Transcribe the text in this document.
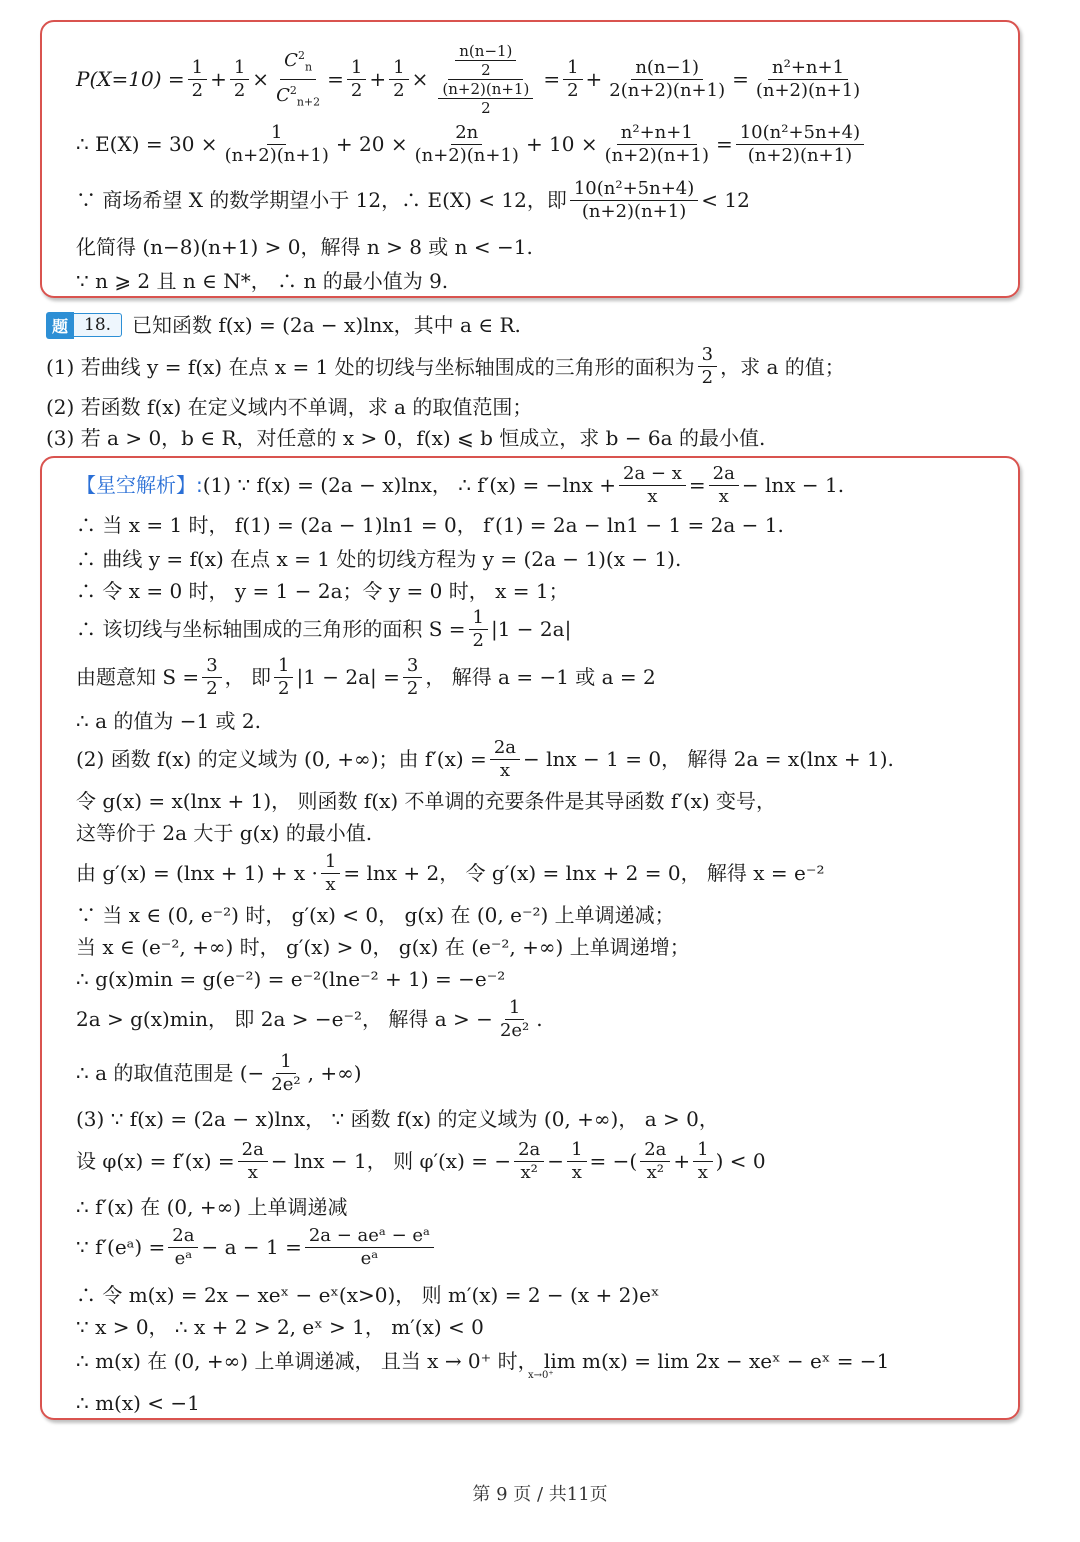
$P(X=10) = \frac{1}{2} + \frac{1}{2} \times \frac{C^2_n}{C^2_{n+2}} = \frac{1}{2} + \frac{1}{2} \times \frac{\frac{n(n-1)}{2}}{\frac{(n+2)(n+1)}{2}} = \frac{1}{2} + \frac{n(n-1)}{2(n+2)(n+1)} = \frac{\text{n²+n+1}}{(n+2)(n+1)}$
∴ $E(X) = 30 \times \frac{1}{(n+2)(n+1)} + 20 \times \frac{2n}{(n+2)(n+1)} + 10 \times \frac{\text{n²+n+1}}{(n+2)(n+1)} = \frac{\text{10(n²+5n+4)}}{(n+2)(n+1)}$
∵ 商场希望 X 的数学期望小于 12，∴ E(X) < 12，即 $\frac{\text{10(n²+5n+4)}}{(n+2)(n+1)} < 12$
化简得 (n−8)(n+1) > 0，解得 n > 8 或 n < −1.
∵ n ⩾ 2 且 n ∈ N*， ∴ n 的最小值为 9.
题 18.	已知函数 f(x) = (2a − x)lnx，其中 a ∈ R.
(1) 若曲线 y = f(x) 在点 x = 1 处的切线与坐标轴围成的三角形的面积为 $\frac{3}{2}$ ，求 a 的值；
(2) 若函数 f(x) 在定义域内不单调，求 a 的取值范围；
(3) 若 a > 0，b ∈ R，对任意的 x > 0，f(x) ⩽ b 恒成立，求 b − 6a 的最小值.
【星空解析】: (1) ∵ f(x) = (2a − x)lnx， ∴ $f'(x) = -\ln x + \frac{2a - x}{x} = \frac{2a}{x} - \ln x - 1$.
∴ 当 x = 1 时， f(1) = (2a − 1)ln1 = 0， f′(1) = 2a − ln1 − 1 = 2a − 1.
∴ 曲线 y = f(x) 在点 x = 1 处的切线方程为 y = (2a − 1)(x − 1).
∴ 令 x = 0 时， y = 1 − 2a；令 y = 0 时， x = 1；
∴ 该切线与坐标轴围成的三角形的面积 $S = \frac{1}{2} |1 - 2a|$
由题意知 $S = \frac{3}{2}$ ， 即 $\frac{1}{2} |1 - 2a| = \frac{3}{2}$ ， 解得 a = −1 或 a = 2
∴ a 的值为 −1 或 2.
(2) 函数 f(x) 的定义域为 (0, +∞)；由 $f'(x) = \frac{2a}{x} - \ln x - 1 = 0$， 解得 2a = x(lnx + 1).
令 g(x) = x(lnx + 1)， 则函数 f(x) 不单调的充要条件是其导函数 f′(x) 变号，
这等价于 2a 大于 g(x) 的最小值.
由 $g'(x) = (\ln x + 1) + x \cdot \frac{1}{x} = \ln x + 2$， 令 g′(x) = lnx + 2 = 0， 解得 x = e⁻²
∵ 当 x ∈ (0, e⁻²) 时， g′(x) < 0， g(x) 在 (0, e⁻²) 上单调递减；
当 x ∈ (e⁻², +∞) 时， g′(x) > 0， g(x) 在 (e⁻², +∞) 上单调递增；
∴ g(x)min = g(e⁻²) = e⁻²(lne⁻² + 1) = −e⁻²
2a > g(x)min， 即 2a > −e⁻²， 解得 a > − $\frac{1}{\text{2e²}}$ .
∴ a 的取值范围是 (− $\frac{1}{\text{2e²}}$ , +∞)
(3) ∵ f(x) = (2a − x)lnx， ∵ 函数 f(x) 的定义域为 (0, +∞)， a > 0，
设 $\varphi(x) = f'(x) = \frac{2a}{x} - \ln x - 1$， 则 φ′(x) = − $\frac{2a}{\text{x²}} - \frac{1}{x}$ = −( $\frac{2a}{\text{x²}} + \frac{1}{x}$ ) < 0
∴ f′(x) 在 (0, +∞) 上单调递减
∵ f′(eᵃ) = $\frac{2a}{\text{eᵃ}} - a - 1 = \frac{\text{2a − aeᵃ − eᵃ}}{\text{eᵃ}}$
∴ 令 m(x) = 2x − xeˣ − eˣ(x>0)， 则 m′(x) = 2 − (x + 2)eˣ
∵ x > 0， ∴ x + 2 > 2, eˣ > 1， m′(x) < 0
∴ m(x) 在 (0, +∞) 上单调递减， 且当 x → 0⁺ 时， lim m(x) = lim 2x − xeˣ − eˣ = −1
x→0⁺
∴ m(x) < −1
第 9 页 / 共11页
